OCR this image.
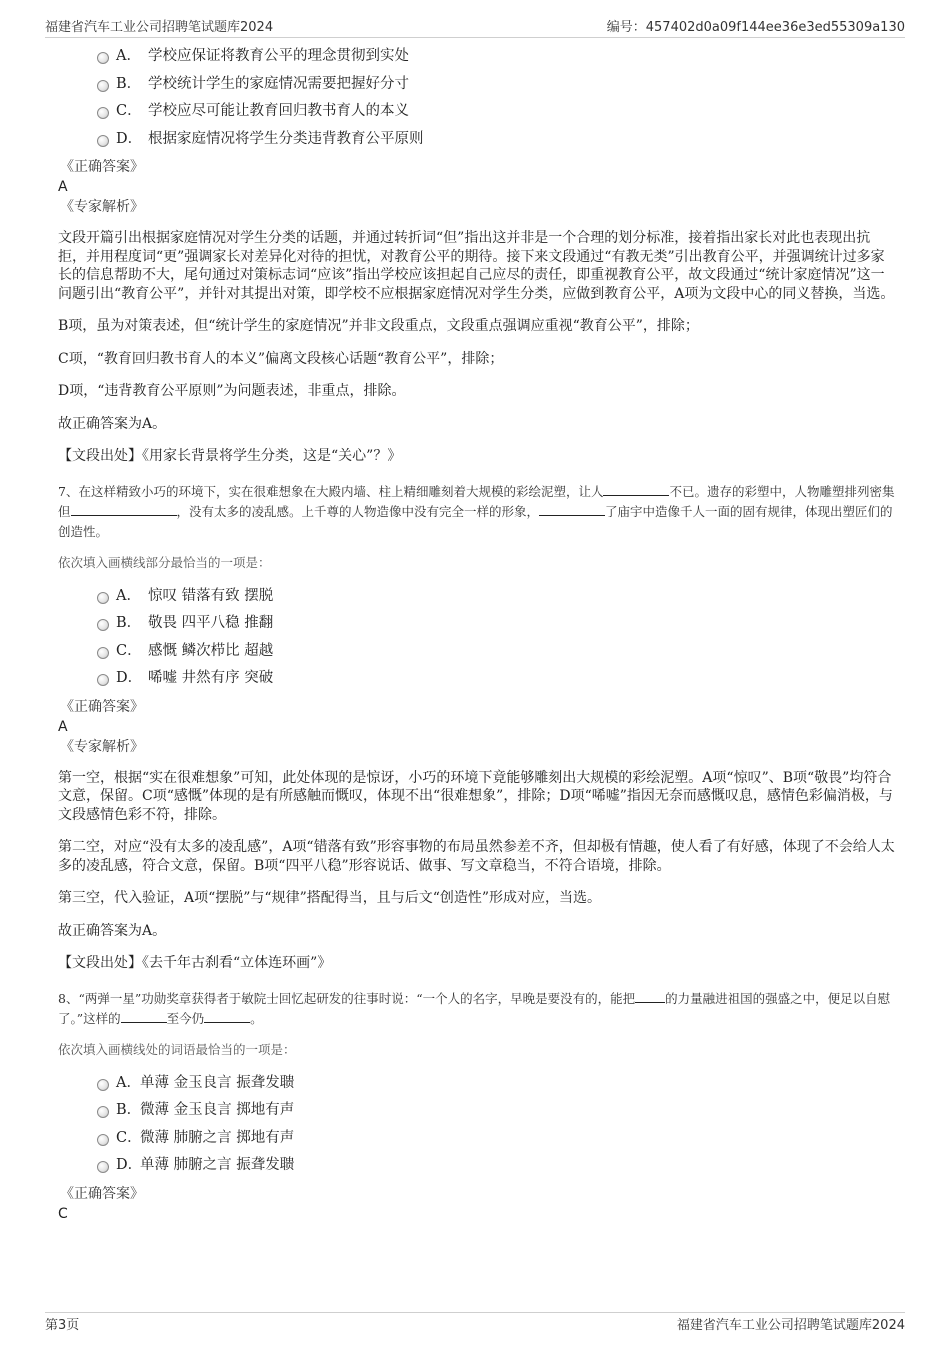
福建省汽车工业公司招聘笔试题库2024	编号：457402d0a09f144ee36e3ed55309a130
A． 学校应保证将教育公平的理念贯彻到实处
B． 学校统计学生的家庭情况需要把握好分寸
C． 学校应尽可能让教育回归教书育人的本义
D． 根据家庭情况将学生分类违背教育公平原则
《正确答案》
A
《专家解析》

文段开篇引出根据家庭情况对学生分类的话题，并通过转折词“但”指出这并非是一个合理的划分标准，接着指出家长对此也表现出抗拒，并用程度词“更”强调家长对差异化对待的担忧，对教育公平的期待。接下来文段通过“有教无类”引出教育公平，并强调统计过多家长的信息帮助不大，尾句通过对策标志词“应该”指出学校应该担起自己应尽的责任，即重视教育公平，故文段通过“统计家庭情况”这一问题引出“教育公平”，并针对其提出对策，即学校不应根据家庭情况对学生分类，应做到教育公平，A项为文段中心的同义替换，当选。

B项，虽为对策表述，但“统计学生的家庭情况”并非文段重点，文段重点强调应重视“教育公平”，排除；

C项，“教育回归教书育人的本义”偏离文段核心话题“教育公平”，排除；

D项，“违背教育公平原则”为问题表述，非重点，排除。

故正确答案为A。

【文段出处】《用家长背景将学生分类，这是“关心”？》

7、在这样精致小巧的环境下，实在很难想象在大殿内墙、柱上精细雕刻着大规模的彩绘泥塑，让人	不已。遗存的彩塑中，人物雕塑排列密集但	，没有太多的凌乱感。上千尊的人物造像中没有完全一样的形象，	了庙宇中造像千人一面的固有规律，体现出塑匠们的创造性。

依次填入画横线部分最恰当的一项是：

A． 惊叹 错落有致 摆脱
B． 敬畏 四平八稳 推翻
C． 感慨 鳞次栉比 超越
D． 唏嘘 井然有序 突破
《正确答案》
A
《专家解析》

第一空，根据“实在很难想象”可知，此处体现的是惊讶，小巧的环境下竟能够雕刻出大规模的彩绘泥塑。A项“惊叹”、B项“敬畏”均符合文意，保留。C项“感慨”体现的是有所感触而慨叹，体现不出“很难想象”，排除；D项“唏嘘”指因无奈而感慨叹息，感情色彩偏消极，与文段感情色彩不符，排除。

第二空，对应“没有太多的凌乱感”，A项“错落有致”形容事物的布局虽然参差不齐，但却极有情趣，使人看了有好感，体现了不会给人太多的凌乱感，符合文意，保留。B项“四平八稳”形容说话、做事、写文章稳当，不符合语境，排除。

第三空，代入验证，A项“摆脱”与“规律”搭配得当，且与后文“创造性”形成对应，当选。

故正确答案为A。

【文段出处】《去千年古刹看“立体连环画”》

8、“两弹一星”功勋奖章获得者于敏院士回忆起研发的往事时说：“一个人的名字，早晚是要没有的，能把 的力量融进祖国的强盛之中，便足以自慰了。”这样的	至今仍	。

依次填入画横线处的词语最恰当的一项是：

A． 单薄 金玉良言 振聋发聩
B．
微薄 金玉良言 掷地有声
C．
微薄 肺腑之言 掷地有声
D．
单薄 肺腑之言 振聋发聩
《正确答案》
C
第3页	福建省汽车工业公司招聘笔试题库2024
